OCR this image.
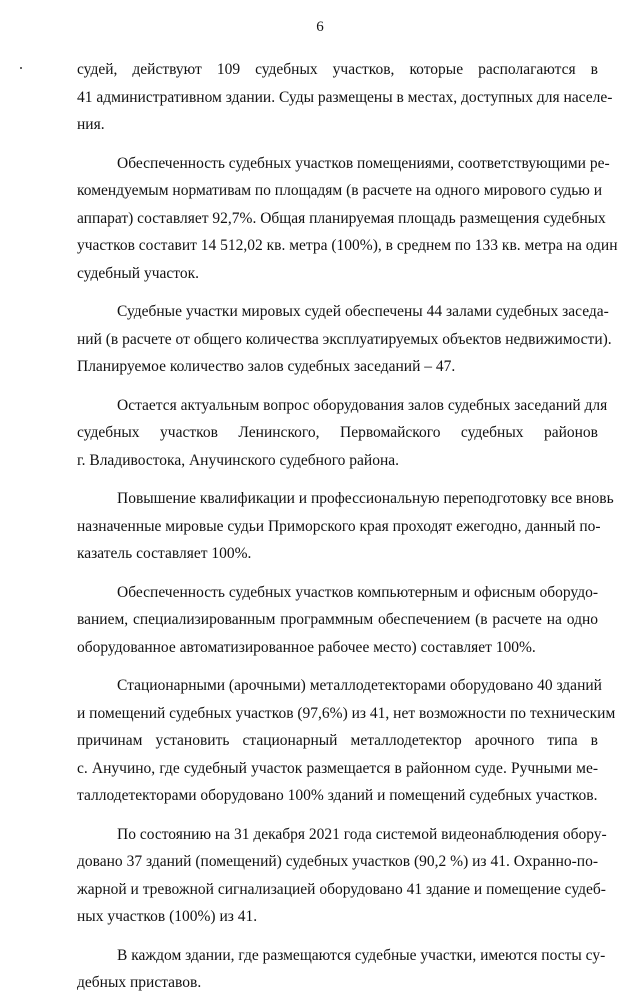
6
судей, действуют 109 судебных участков, которые располагаются в
41 административном здании. Суды размещены в местах, доступных для населе-
ния.
Обеспеченность судебных участков помещениями, соответствующими ре-
комендуемым нормативам по площадям (в расчете на одного мирового судью и
аппарат) составляет 92,7%. Общая планируемая площадь размещения судебных
участков составит 14 512,02 кв. метра (100%), в среднем по 133 кв. метра на один
судебный участок.
Судебные участки мировых судей обеспечены 44 залами судебных заседа-
ний (в расчете от общего количества эксплуатируемых объектов недвижимости).
Планируемое количество залов судебных заседаний – 47.
Остается актуальным вопрос оборудования залов судебных заседаний для
судебных участков Ленинского, Первомайского судебных районов
г. Владивостока, Анучинского судебного района.
Повышение квалификации и профессиональную переподготовку все вновь
назначенные мировые судьи Приморского края проходят ежегодно, данный по-
казатель составляет 100%.
Обеспеченность судебных участков компьютерным и офисным оборудо-
ванием, специализированным программным обеспечением (в расчете на одно
оборудованное автоматизированное рабочее место) составляет 100%.
Стационарными (арочными) металлодетекторами оборудовано 40 зданий
и помещений судебных участков (97,6%) из 41, нет возможности по техническим
причинам установить стационарный металлодетектор арочного типа в
с. Анучино, где судебный участок размещается в районном суде. Ручными ме-
таллодетекторами оборудовано 100% зданий и помещений судебных участков.
По состоянию на 31 декабря 2021 года системой видеонаблюдения обору-
довано 37 зданий (помещений) судебных участков (90,2 %) из 41. Охранно-по-
жарной и тревожной сигнализацией оборудовано 41 здание и помещение судеб-
ных участков (100%) из 41.
В каждом здании, где размещаются судебные участки, имеются посты су-
дебных приставов.
